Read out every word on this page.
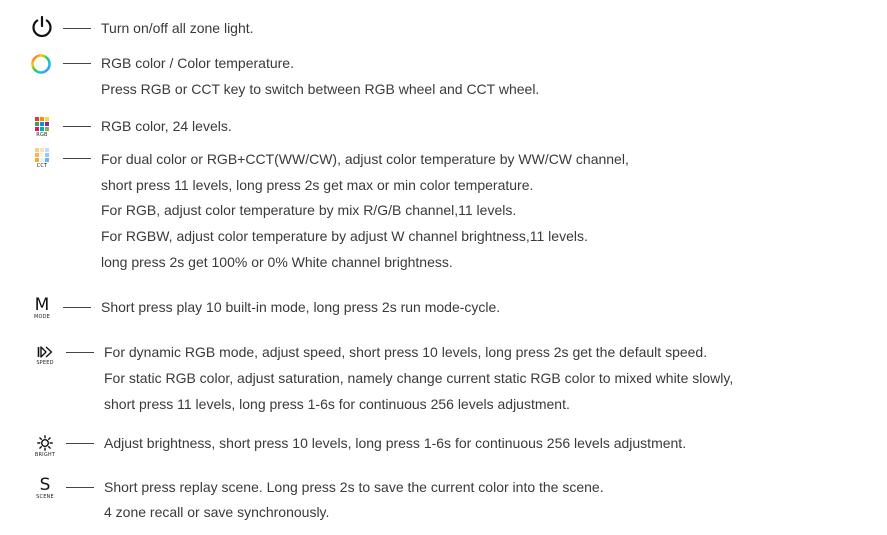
Turn on/off all zone light.
RGB color / Color temperature.
Press RGB or CCT key to switch between RGB wheel and CCT wheel.
RGB
RGB color, 24 levels.
CCT	For dual color or RGB+CCT(WW/CW), adjust color temperature by WW/CW channel,
short press 11 levels, long press 2s get max or min color temperature.
For RGB, adjust color temperature by mix R/G/B channel,11 levels.
For RGBW, adjust color temperature by adjust W channel brightness,11 levels.
long press 2s get 100% or 0% White channel brightness.
M
MODE
Short press play 10 built-in mode, long press 2s run mode-cycle.
SPEED
For dynamic RGB mode, adjust speed, short press 10 levels, long press 2s get the default speed.
For static RGB color, adjust saturation, namely change current static RGB color to mixed white slowly,
short press 11 levels, long press 1-6s for continuous 256 levels adjustment.
BRIGHT
Adjust brightness, short press 10 levels, long press 1-6s for continuous 256 levels adjustment.
S
SCENE
Short press replay scene. Long press 2s to save the current color into the scene.
4 zone recall or save synchronously.
